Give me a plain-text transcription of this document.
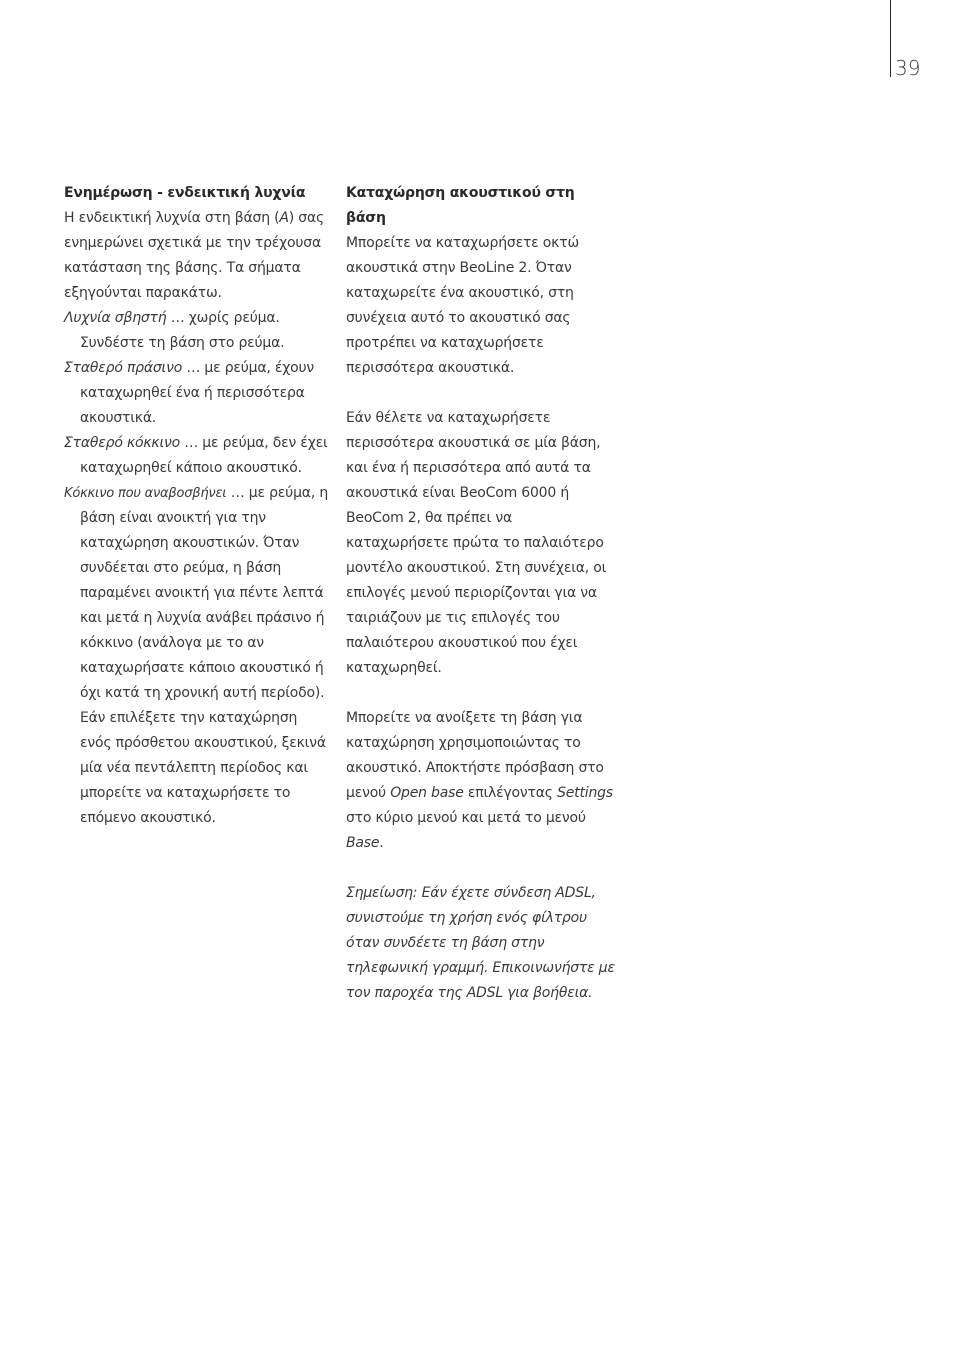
39
Ενημέρωση - ενδεικτική λυχνία

Η ενδεικτική λυχνία στη βάση (A) σας ενημερώνει σχετικά με την τρέχουσα κατάσταση της βάσης. Τα σήματα εξηγούνται παρακάτω.

Λυχνία σβηστή … χωρίς ρεύμα. Συνδέστε τη βάση στο ρεύμα.

Σταθερό πράσινο … με ρεύμα, έχουν καταχωρηθεί ένα ή περισσότερα ακουστικά.

Σταθερό κόκκινο … με ρεύμα, δεν έχει καταχωρηθεί κάποιο ακουστικό.

Κόκκινο που αναβοσβήνει … με ρεύμα, η βάση είναι ανοικτή για την καταχώρηση ακουστικών. Όταν συνδέεται στο ρεύμα, η βάση παραμένει ανοικτή για πέντε λεπτά και μετά η λυχνία ανάβει πράσινο ή κόκκινο (ανάλογα με το αν καταχωρήσατε κάποιο ακουστικό ή όχι κατά τη χρονική αυτή περίοδο). Εάν επιλέξετε την καταχώρηση ενός πρόσθετου ακουστικού, ξεκινά μία νέα πεντάλεπτη περίοδος και μπορείτε να καταχωρήσετε το επόμενο ακουστικό.

Καταχώρηση ακουστικού στη βάση

Μπορείτε να καταχωρήσετε οκτώ ακουστικά στην BeoLine 2. Όταν καταχωρείτε ένα ακουστικό, στη συνέχεια αυτό το ακουστικό σας προτρέπει να καταχωρήσετε περισσότερα ακουστικά.

Εάν θέλετε να καταχωρήσετε περισσότερα ακουστικά σε μία βάση, και ένα ή περισσότερα από αυτά τα ακουστικά είναι BeoCom 6000 ή BeoCom 2, θα πρέπει να καταχωρήσετε πρώτα το παλαιότερο μοντέλο ακουστικού. Στη συνέχεια, οι επιλογές μενού περιορίζονται για να ταιριάζουν με τις επιλογές του παλαιότερου ακουστικού που έχει καταχωρηθεί.

Μπορείτε να ανοίξετε τη βάση για καταχώρηση χρησιμοποιώντας το ακουστικό. Αποκτήστε πρόσβαση στο μενού Open base επιλέγοντας Settings στο κύριο μενού και μετά το μενού Base.

Σημείωση: Εάν έχετε σύνδεση ADSL, συνιστούμε τη χρήση ενός φίλτρου όταν συνδέετε τη βάση στην τηλεφωνική γραμμή. Επικοινωνήστε με τον παροχέα της ADSL για βοήθεια.
